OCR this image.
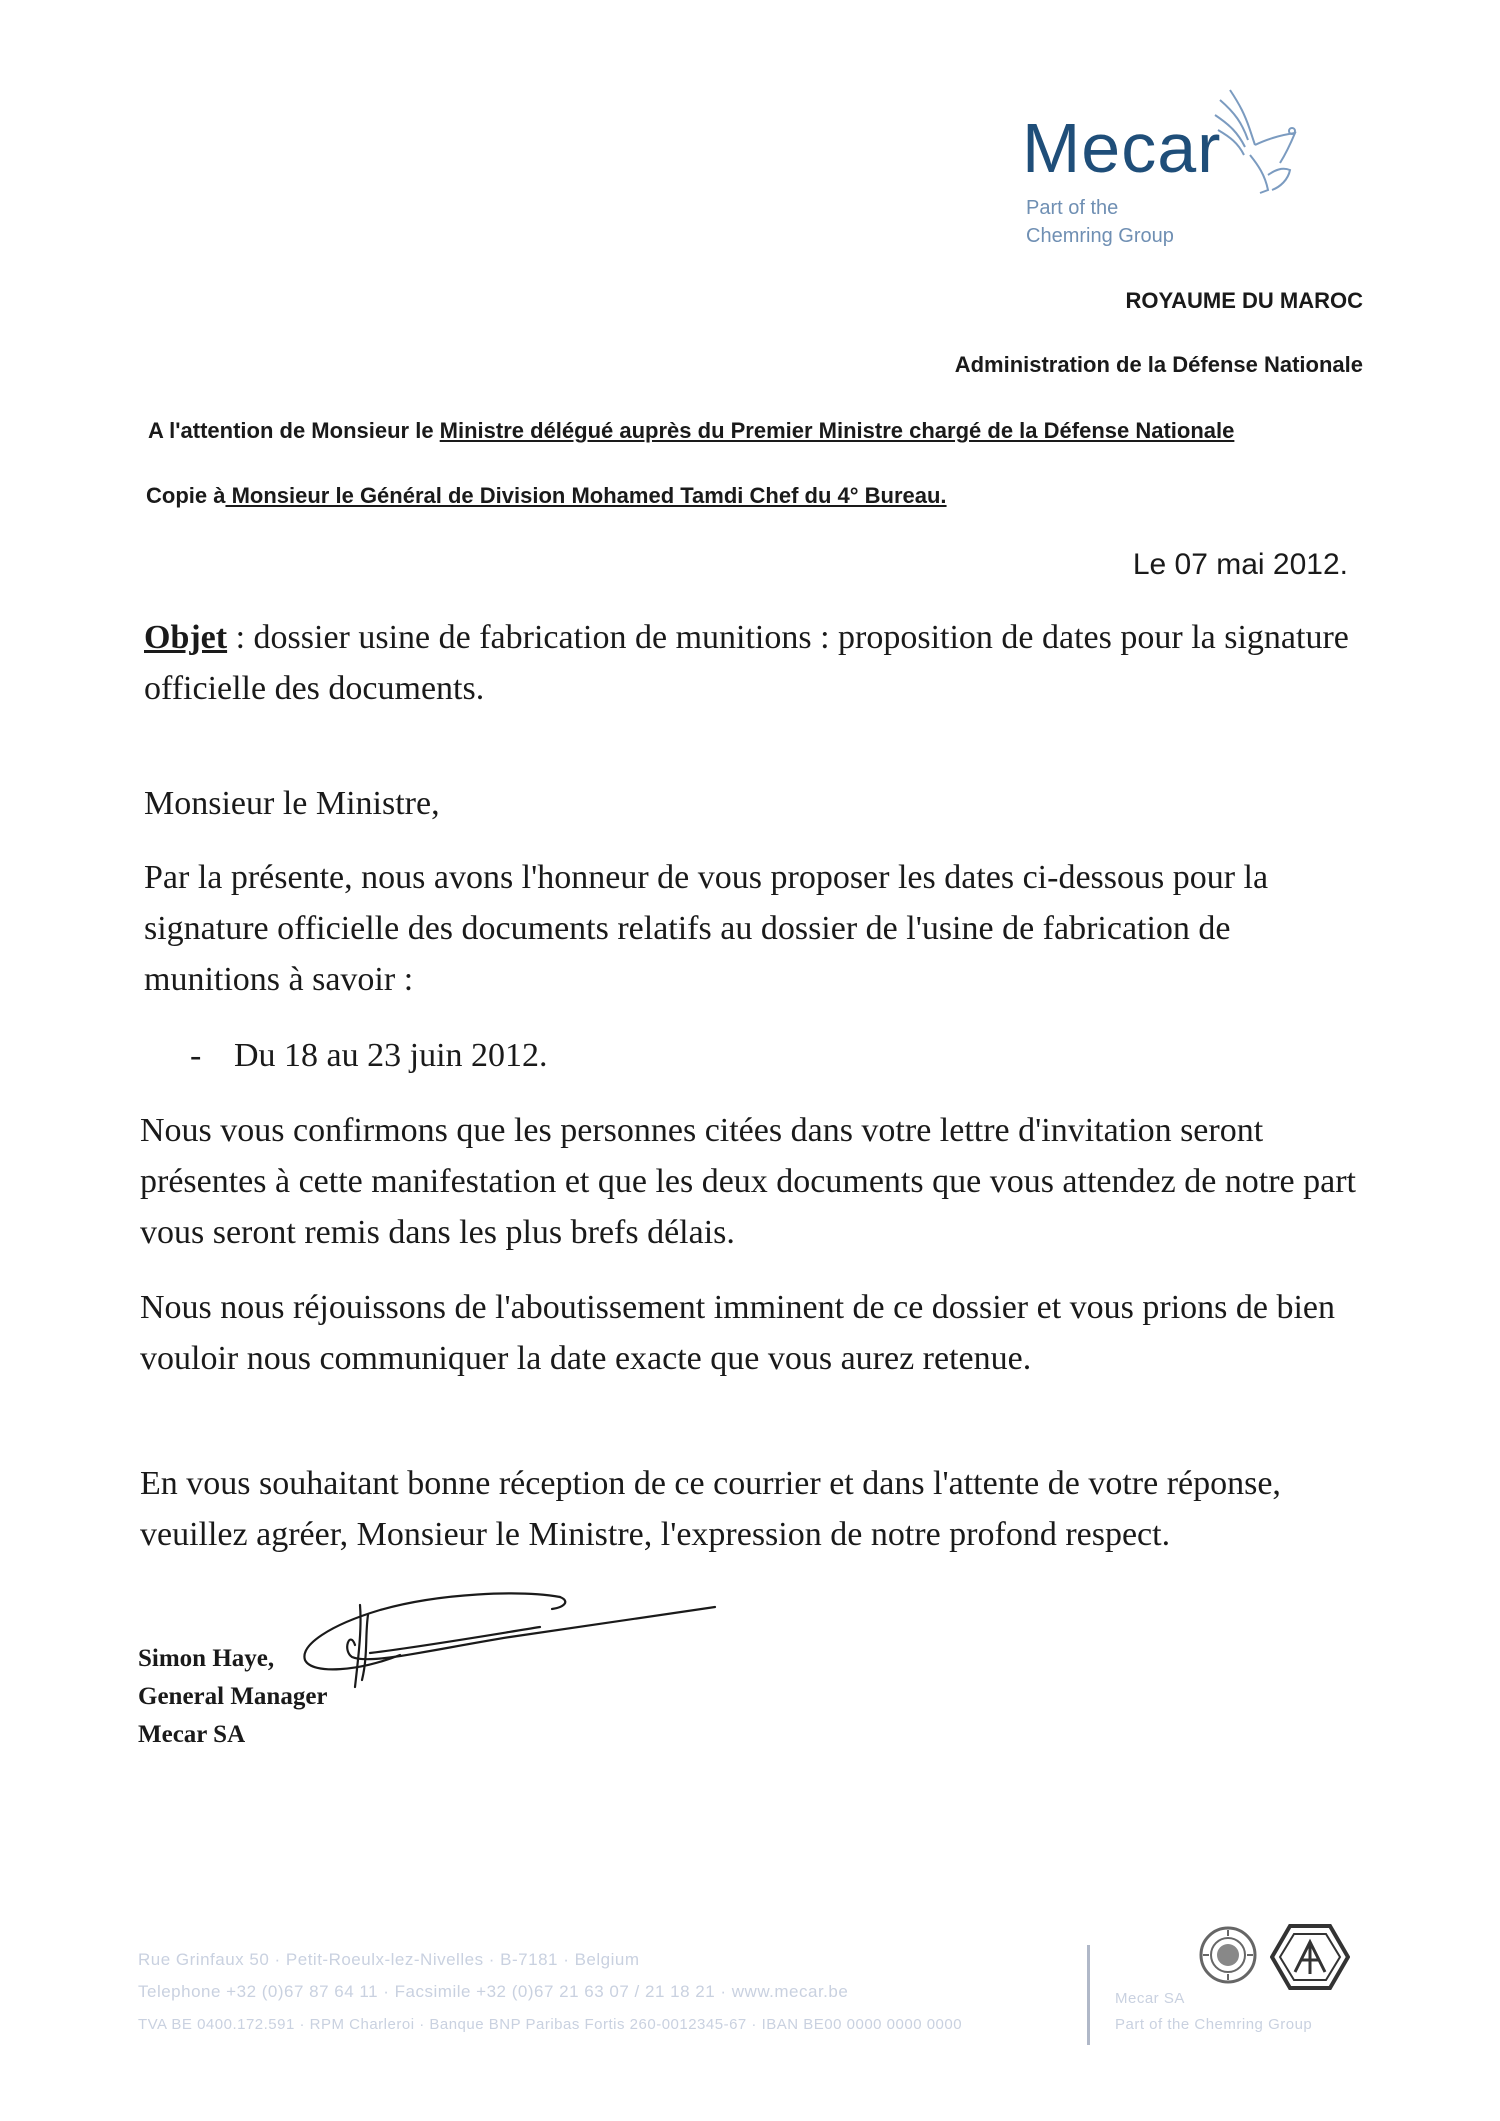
Mecar
Part of the
Chemring Group
ROYAUME DU MAROC
Administration de la Défense Nationale
A l'attention de Monsieur le Ministre délégué auprès du Premier Ministre chargé de la Défense Nationale
Copie à Monsieur le Général de Division Mohamed Tamdi Chef du 4° Bureau.
Le 07 mai 2012.
Objet : dossier usine de fabrication de munitions : proposition de dates pour la signature officielle des documents.
Monsieur le Ministre,
Par la présente, nous avons l'honneur de vous proposer les dates ci-dessous pour la signature officielle des documents relatifs au dossier de l'usine de fabrication de munitions à savoir :
- Du 18 au 23 juin 2012.
Nous vous confirmons que les personnes citées dans votre lettre d'invitation seront présentes à cette manifestation et que les deux documents que vous attendez de notre part vous seront remis dans les plus brefs délais.
Nous nous réjouissons de l'aboutissement imminent de ce dossier et vous prions de bien vouloir nous communiquer la date exacte que vous aurez retenue.
En vous souhaitant bonne réception de ce courrier et dans l'attente de votre réponse, veuillez agréer, Monsieur le Ministre, l'expression de notre profond respect.
Simon Haye,
General Manager
Mecar SA
Rue Grinfaux 50 · Petit-Roeulx-lez-Nivelles · B-7181 · Belgium
Telephone +32 (0)67 87 64 11 · Facsimile +32 (0)67 21 63 07 / 21 18 21 · www.mecar.be
TVA BE 0400.172.591 · RPM Charleroi · Banque BNP Paribas Fortis 260-0012345-67 · IBAN BE00 0000 0000 0000
Mecar SA
Part of the Chemring Group
